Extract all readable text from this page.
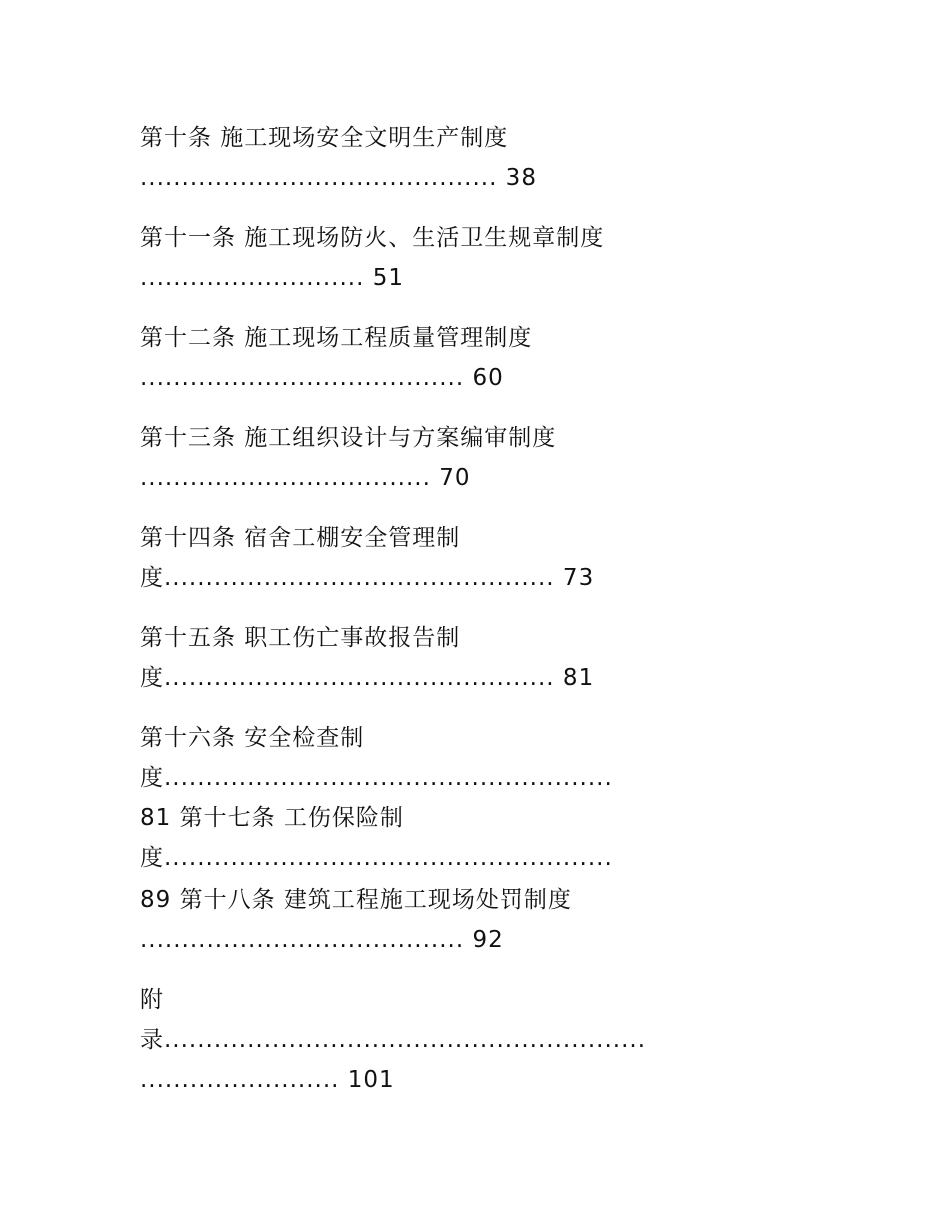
第十条 施工现场安全文明生产制度
........................................... 38
第十一条 施工现场防火、生活卫生规章制度
........................... 51
第十二条 施工现场工程质量管理制度
....................................... 60
第十三条 施工组织设计与方案编审制度
................................... 70
第十四条 宿舍工棚安全管理制
度............................................... 73
第十五条 职工伤亡事故报告制
度............................................... 81
第十六条 安全检查制
度......................................................
81 第十七条 工伤保险制
度......................................................
89 第十八条 建筑工程施工现场处罚制度
....................................... 92
附
录..........................................................
........................ 101
